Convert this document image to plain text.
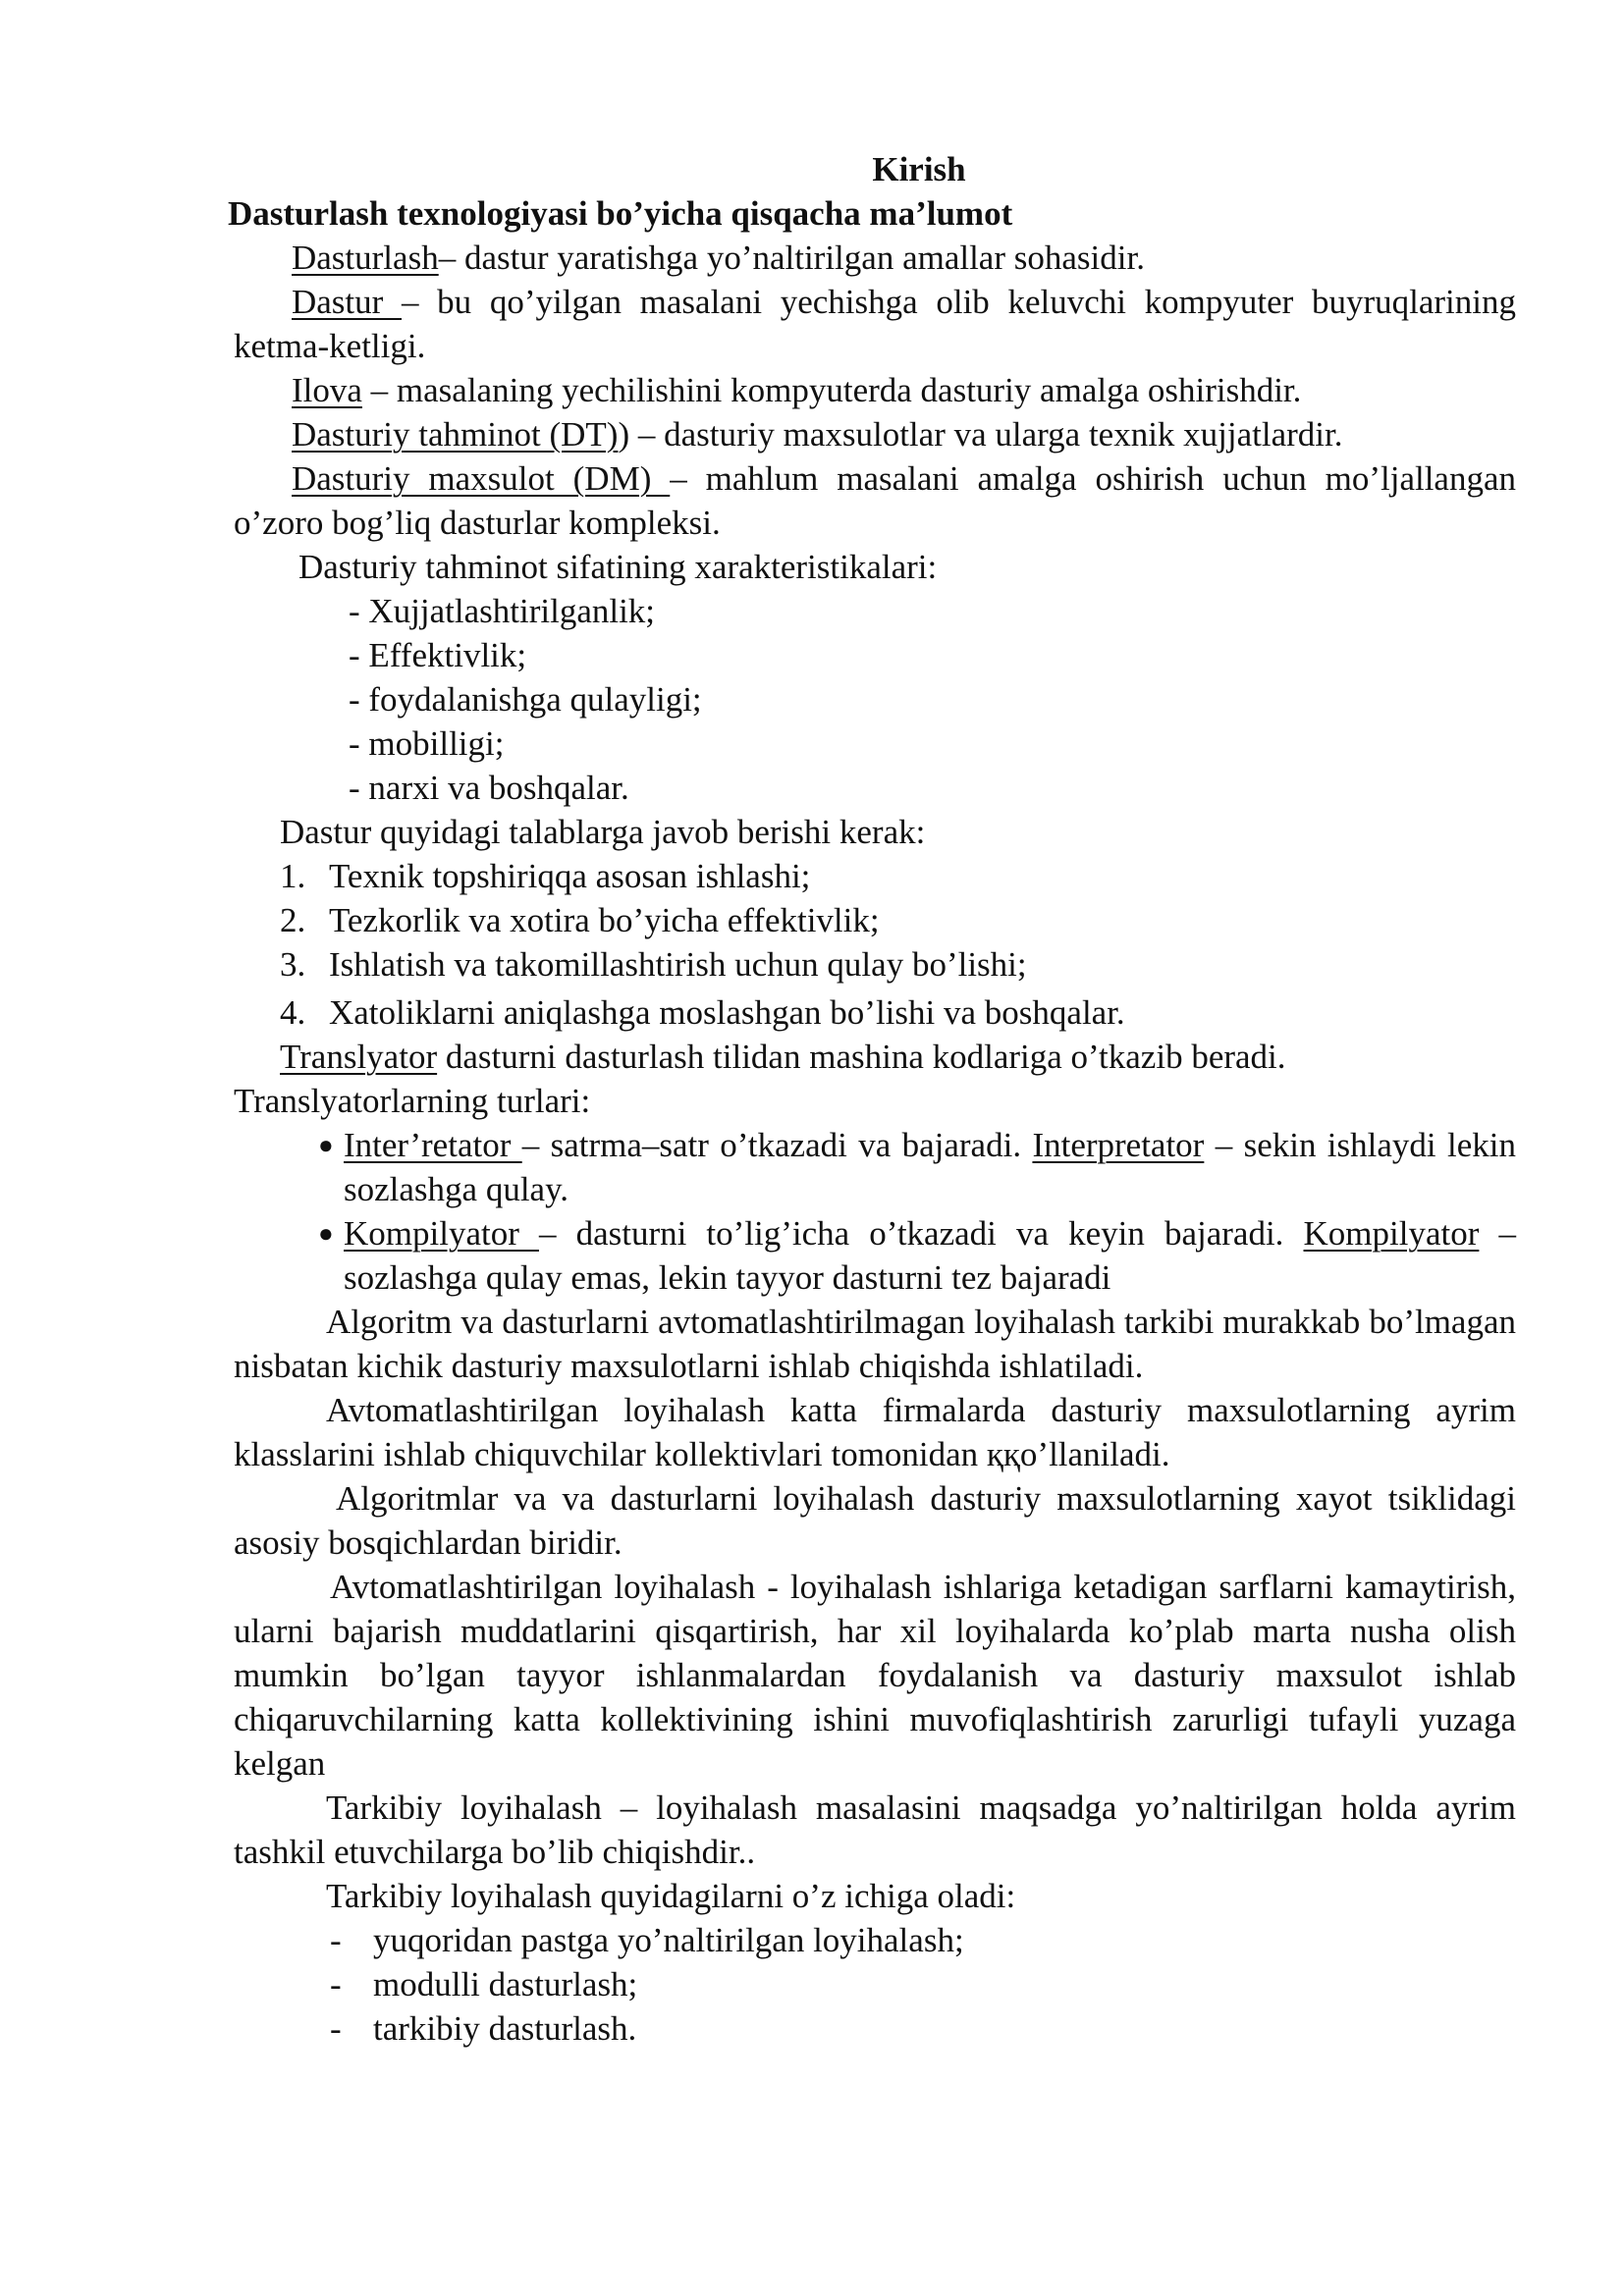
Kirish

Dasturlash texnologiyasi bo’yicha qisqacha ma’lumot

Dasturlash– dastur yaratishga yo’naltirilgan amallar sohasidir.

Dastur – bu qo’yilgan masalani yechishga olib keluvchi kompyuter buyruqlarining ketma-ketligi.

Ilova – masalaning yechilishini kompyuterda dasturiy amalga oshirishdir.

Dasturiy tahminot (DT)) – dasturiy maxsulotlar va ularga texnik xujjatlardir.

Dasturiy maxsulot (DM) – mahlum masalani amalga oshirish uchun mo’ljallangan o’zoro bog’liq dasturlar kompleksi.

Dasturiy tahminot sifatining xarakteristikalari:

- Xujjatlashtirilganlik;
- Effektivlik;
- foydalanishga qulayligi;
- mobilligi;
- narxi va boshqalar.

Dastur quyidagi talablarga javob berishi kerak:

1. Texnik topshiriqqa asosan ishlashi;
2. Tezkorlik va xotira bo’yicha effektivlik;
3. Ishlatish va takomillashtirish uchun qulay bo’lishi;
4. Xatoliklarni aniqlashga moslashgan bo’lishi va boshqalar.

Translyator dasturni dasturlash tilidan mashina kodlariga o’tkazib beradi.

Translyatorlarning turlari:

● Inter’retator – satrma–satr o’tkazadi va bajaradi. Interpretator – sekin ishlaydi lekin sozlashga qulay.
● Kompilyator – dasturni to’lig’icha o’tkazadi va keyin bajaradi. Kompilyator – sozlashga qulay emas, lekin tayyor dasturni tez bajaradi

Algoritm va dasturlarni avtomatlashtirilmagan loyihalash tarkibi murakkab bo’lmagan nisbatan kichik dasturiy maxsulotlarni ishlab chiqishda ishlatiladi.

Avtomatlashtirilgan loyihalash katta firmalarda dasturiy maxsulotlarning ayrim klasslarini ishlab chiquvchilar kollektivlari tomonidan ққo’llaniladi.

Algoritmlar va va dasturlarni loyihalash dasturiy maxsulotlarning хayot tsiklidagi asosiy bosqichlardan biridir.

Avtomatlashtirilgan loyihalash - loyihalash ishlariga ketadigan sarflarni kamaytirish, ularni bajarish muddatlarini qisqartirish, har xil loyihalarda ko’plab marta nusha olish mumkin bo’lgan tayyor ishlanmalardan foydalanish va dasturiy maxsulot ishlab chiqaruvchilarning katta kollektivining ishini muvofiqlashtirish zarurligi tufayli yuzaga kelgan

Tarkibiy loyihalash – loyihalash masalasini maqsadga yo’naltirilgan holda ayrim tashkil etuvchilarga bo’lib chiqishdir..

Tarkibiy loyihalash quyidagilarni o’z ichiga oladi:

- yuqoridan pastga yo’naltirilgan loyihalash;
- modulli dasturlash;
- tarkibiy dasturlash.
